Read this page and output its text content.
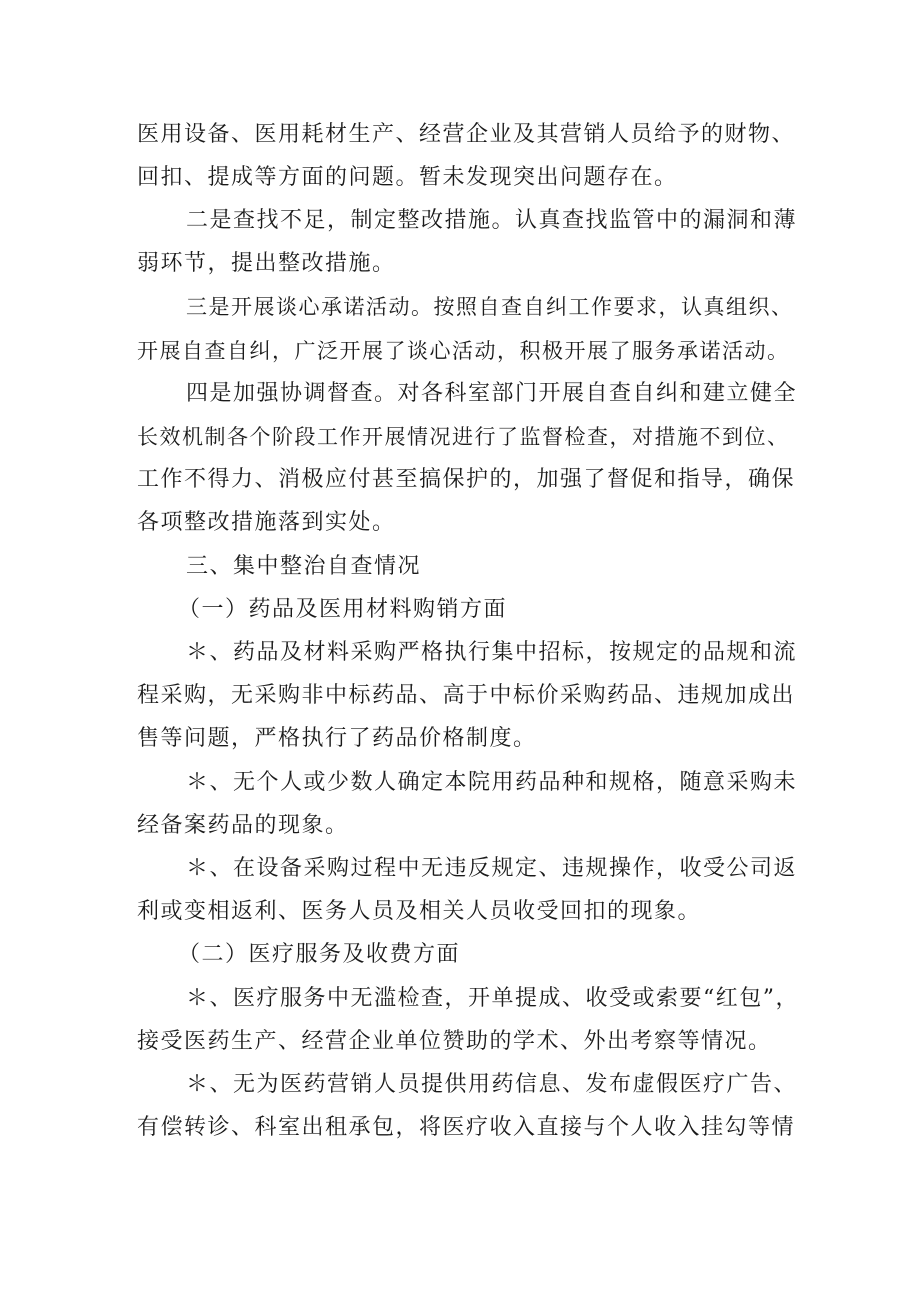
医用设备、医用耗材生产、经营企业及其营销人员给予的财物、
回扣、提成等方面的问题。暂未发现突出问题存在。
二是查找不足，制定整改措施。认真查找监管中的漏洞和薄
弱环节，提出整改措施。
三是开展谈心承诺活动。按照自查自纠工作要求，认真组织、
开展自查自纠，广泛开展了谈心活动，积极开展了服务承诺活动。
四是加强协调督查。对各科室部门开展自查自纠和建立健全
长效机制各个阶段工作开展情况进行了监督检查，对措施不到位、
工作不得力、消极应付甚至搞保护的，加强了督促和指导，确保
各项整改措施落到实处。
三、集中整治自查情况
（一）药品及医用材料购销方面
＊、药品及材料采购严格执行集中招标，按规定的品规和流
程采购，无采购非中标药品、高于中标价采购药品、违规加成出
售等问题，严格执行了药品价格制度。
＊、无个人或少数人确定本院用药品种和规格，随意采购未
经备案药品的现象。
＊、在设备采购过程中无违反规定、违规操作，收受公司返
利或变相返利、医务人员及相关人员收受回扣的现象。
（二）医疗服务及收费方面
＊、医疗服务中无滥检查，开单提成、收受或索要“红包”，
接受医药生产、经营企业单位赞助的学术、外出考察等情况。
＊、无为医药营销人员提供用药信息、发布虚假医疗广告、
有偿转诊、科室出租承包，将医疗收入直接与个人收入挂勾等情
